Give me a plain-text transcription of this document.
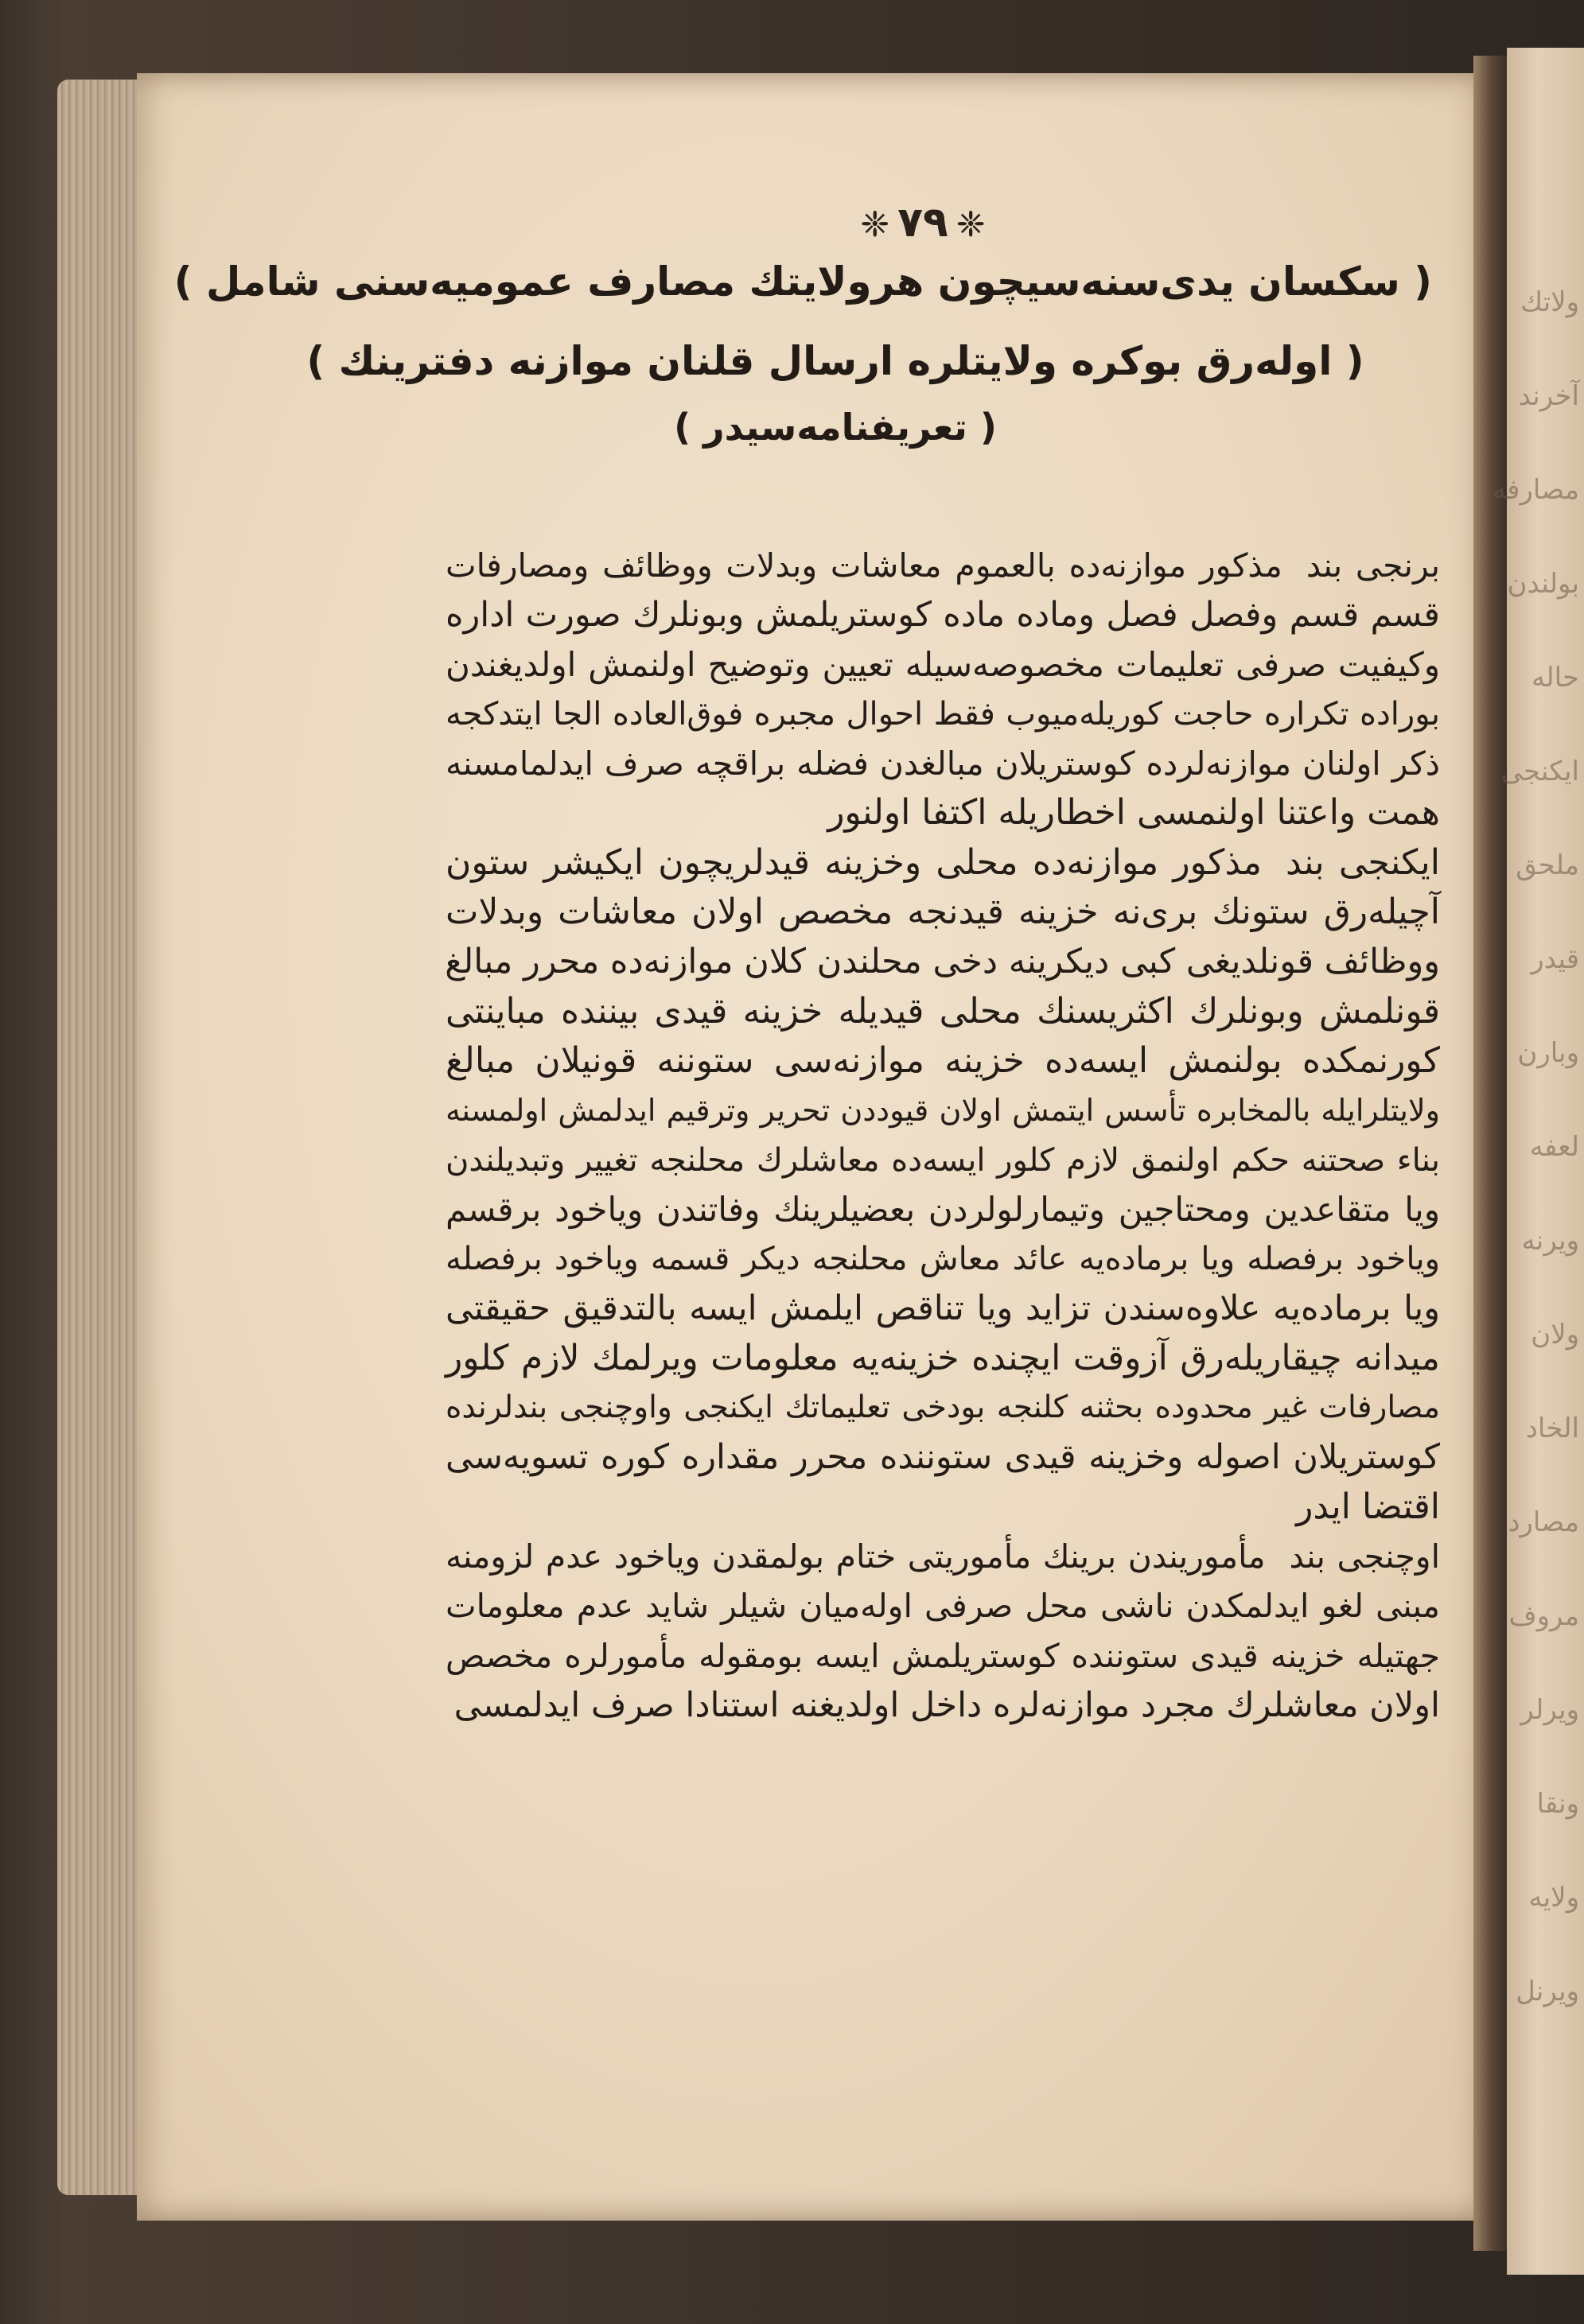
ولاتك
آخرند
مصارفه
بولندن
حاله
ایکنجی
ملحق
قیدر
وبارن
لعفه
ویرنه
ولان
الخاد
مصارد
مروف
ویرلر
ونقا
ولایه
ویرنل
❈ ٧٩ ❈
( سکسان یدی‌سنه‌سیچون هرولایتك مصارف عمومیه‌سنی شامل )
( اوله‌رق بوکره ولایتلره ارسال قلنان موازنه دفترینك )
( تعریفنامه‌سیدر )
برنجی بندمذکور موازنه‌ده بالعموم معاشات وبدلات ووظائف ومصارفات
قسم قسم وفصل فصل وماده ماده کوستریلمش وبونلرك صورت اداره
وکیفیت صرفی تعلیمات مخصوصه‌سیله تعیین وتوضیح اولنمش اولدیغندن
بوراده تکراره حاجت کوریله‌میوب فقط احوال مجبره فوق‌العاده الجا ایتدکجه
ذکر اولنان موازنه‌لرده کوستریلان مبالغدن فضله براقچه صرف ایدلمامسنه
همت واعتنا اولنمسی اخطاریله اکتفا اولنور
ایکنجی بندمذکور موازنه‌ده محلی وخزینه قیدلریچون ایکیشر ستون
آچیله‌رق ستونك بری‌نه خزینه قیدنجه مخصص اولان معاشات وبدلات
ووظائف قونلدیغی کبی دیکرینه دخی محلندن کلان موازنه‌ده محرر مبالغ
قونلمش وبونلرك اکثریسنك محلی قیدیله خزینه قیدی بیننده مباینتی
کورنمکده بولنمش ایسه‌ده خزینه موازنه‌سی ستوننه قونیلان مبالغ
ولایتلرایله بالمخابره تأسس ایتمش اولان قیوددن تحریر وترقیم ایدلمش اولمسنه
بناء صحتنه حکم اولنمق لازم کلور ایسه‌ده معاشلرك محلنجه تغییر وتبدیلندن
ویا متقاعدین ومحتاجین وتیمارلولردن بعضیلرینك وفاتندن ویاخود برقسم
ویاخود برفصله ویا برماده‌یه عائد معاش محلنجه دیکر قسمه ویاخود برفصله
ویا برماده‌یه علاوه‌سندن تزاید ویا تناقص ایلمش ایسه بالتدقیق حقیقتی
میدانه چیقاریله‌رق آزوقت ایچنده خزینه‌یه معلومات ویرلمك لازم کلور
مصارفات غیر محدوده بحثنه کلنجه بودخی تعلیماتك ایکنجی واوچنجی بندلرنده
کوستریلان اصوله وخزینه قیدی ستوننده محرر مقداره کوره تسویه‌سی
اقتضا ایدر
اوچنجی بندمأموریندن برینك مأموریتی ختام بولمقدن ویاخود عدم لزومنه
مبنی لغو ایدلمکدن ناشی محل صرفی اوله‌میان شیلر شاید عدم معلومات
جهتیله خزینه قیدی ستوننده کوستریلمش ایسه بومقوله مأمورلره مخصص
اولان معاشلرك مجرد موازنه‌لره داخل اولدیغنه استنادا صرف ایدلمسی
